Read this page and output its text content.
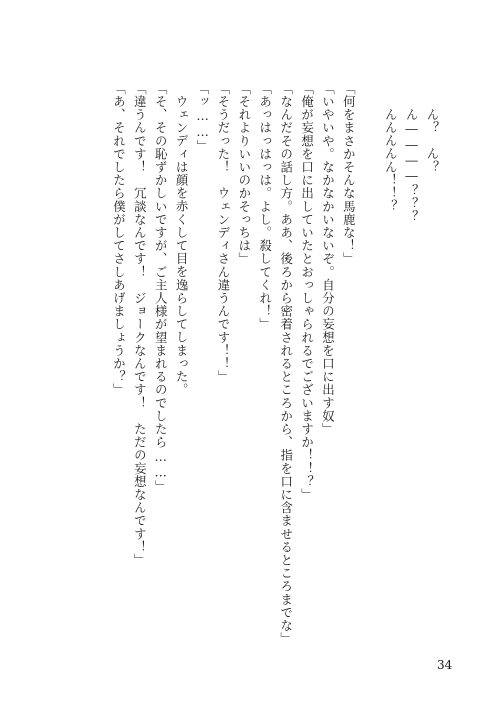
ん？　ん？
ん――――？？？
んんんんん！！？

「何をまさかそんな馬鹿な！」
「いやいや。なかなかいないぞ。自分の妄想を口に出す奴」
「俺が妄想を口に出していたとおっしゃられるでございますか！！？」
「なんだその話し方。ああ、後ろから密着されるところから、指を口に含ませるところまでな」
「あっはっはっは。よし。殺してくれ！」
「それよりいいのかそっちは」
「そうだった！　ウェンディさん違うんです！！」
「ッ……」
ウェンディは顔を赤くして目を逸らしてしまった。
「そ、その恥ずかしいですが、ご主人様が望まれるのでしたら……」
「違うんです！　冗談なんです！　ジョークなんです！　ただの妄想なんです！」
「あ、それでしたら僕がしてさしあげましょうか？」
34
